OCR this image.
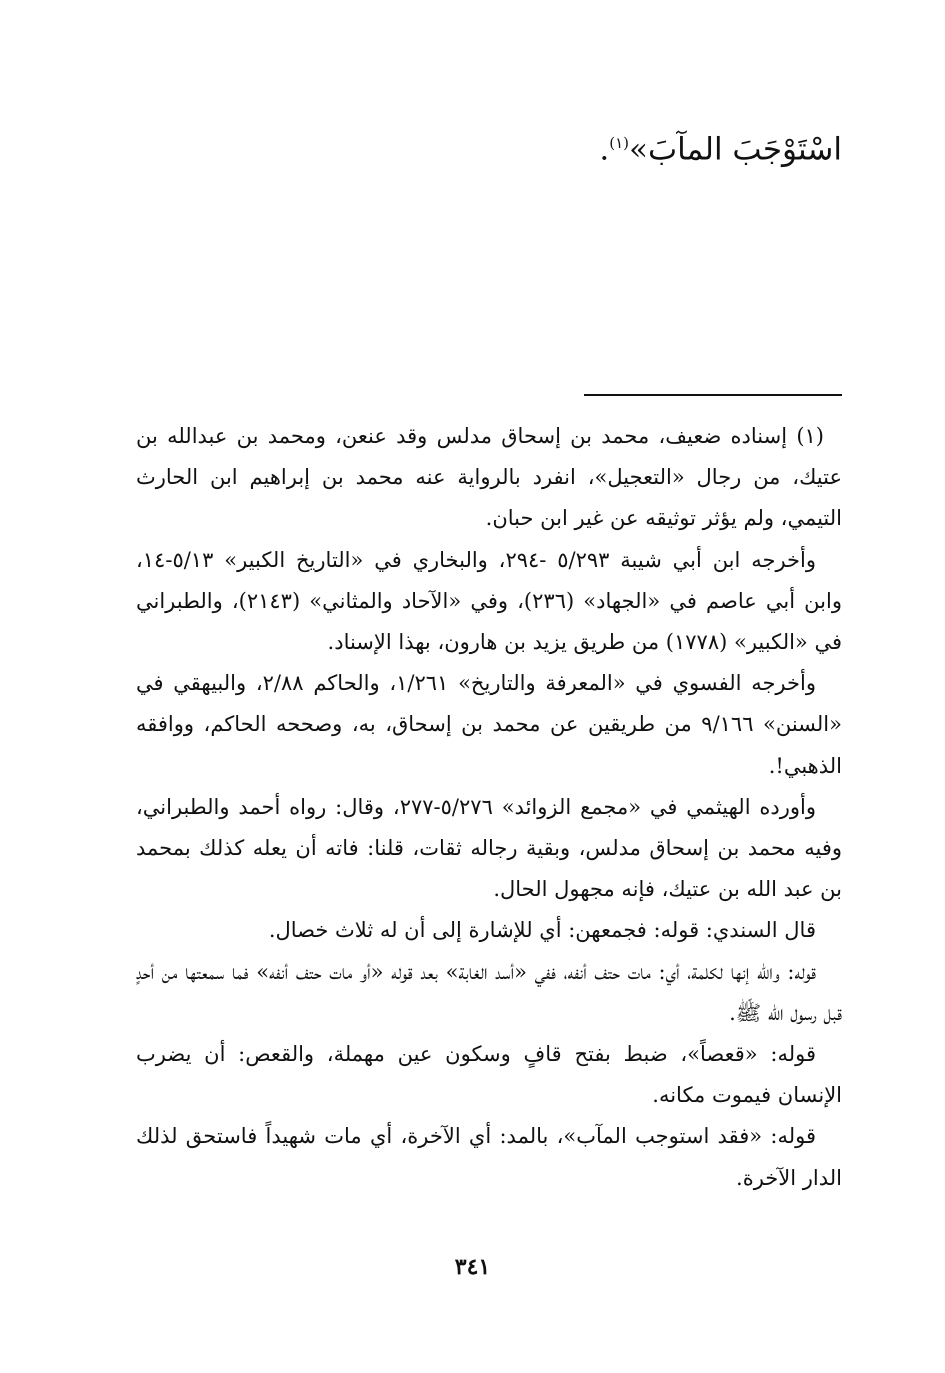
اسْتَوْجَبَ المآبَ»$^{(١)}$.

(١) إسناده ضعيف، محمد بن إسحاق مدلس وقد عنعن، ومحمد بن عبدالله بن عتيك، من رجال «التعجيل»، انفرد بالرواية عنه محمد بن إبراهيم ابن الحارث التيمي، ولم يؤثر توثيقه عن غير ابن حبان.

وأخرجه ابن أبي شيبة ٥/٢٩٣ -٢٩٤، والبخاري في «التاريخ الكبير» ٥/١٣-١٤، وابن أبي عاصم في «الجهاد» (٢٣٦)، وفي «الآحاد والمثاني» (٢١٤٣)، والطبراني في «الكبير» (١٧٧٨) من طريق يزيد بن هارون، بهذا الإسناد.

وأخرجه الفسوي في «المعرفة والتاريخ» ١/٢٦١، والحاكم ٢/٨٨، والبيهقي في «السنن» ٩/١٦٦ من طريقين عن محمد بن إسحاق، به، وصححه الحاكم، ووافقه الذهبي!.

وأورده الهيثمي في «مجمع الزوائد» ٥/٢٧٦-٢٧٧، وقال: رواه أحمد والطبراني، وفيه محمد بن إسحاق مدلس، وبقية رجاله ثقات، قلنا: فاته أن يعله كذلك بمحمد بن عبد الله بن عتيك، فإنه مجهول الحال.

قال السندي: قوله: فجمعهن: أي للإشارة إلى أن له ثلاث خصال.

قوله: والله إنها لكلمة، أي: مات حتف أنفه، ففي «أسد الغابة» بعد قوله «أو مات حتف أنفه» فما سمعتها من أحدٍ قبل رسول الله ﷺ.

قوله: «قعصاً»، ضبط بفتح قافٍ وسكون عين مهملة، والقعص: أن يضرب الإنسان فيموت مكانه.

قوله: «فقد استوجب المآب»، بالمد: أي الآخرة، أي مات شهيداً فاستحق لذلك الدار الآخرة.

٣٤١
